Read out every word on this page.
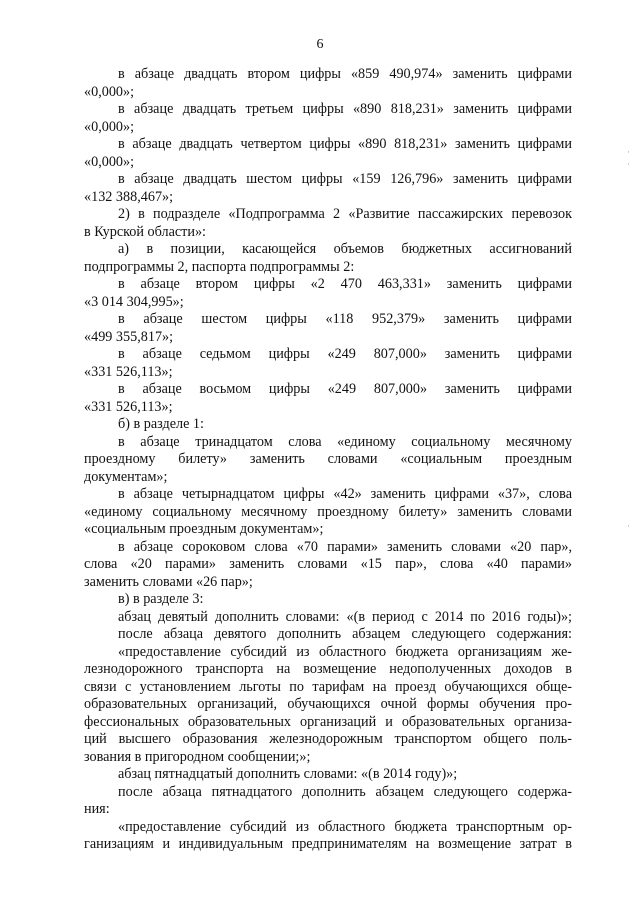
6
в абзаце двадцать втором цифры «859 490,974» заменить цифрами
«0,000»;
в абзаце двадцать третьем цифры «890 818,231» заменить цифрами
«0,000»;
в абзаце двадцать четвертом цифры «890 818,231» заменить цифрами
«0,000»;
в абзаце двадцать шестом цифры «159 126,796» заменить цифрами
«132 388,467»;
2) в подразделе «Подпрограмма 2 «Развитие пассажирских перевозок
в Курской области»:
а) в позиции, касающейся объемов бюджетных ассигнований
подпрограммы 2, паспорта подпрограммы 2:
в абзаце втором цифры «2 470 463,331» заменить цифрами
«3 014 304,995»;
в абзаце шестом цифры «118 952,379» заменить цифрами
«499 355,817»;
в абзаце седьмом цифры «249 807,000» заменить цифрами
«331 526,113»;
в абзаце восьмом цифры «249 807,000» заменить цифрами
«331 526,113»;
б) в разделе 1:
в абзаце тринадцатом слова «единому социальному месячному
проездному билету» заменить словами «социальным проездным
документам»;
в абзаце четырнадцатом цифры «42» заменить цифрами «37», слова
«единому социальному месячному проездному билету» заменить словами
«социальным проездным документам»;
в абзаце сороковом слова «70 парами» заменить словами «20 пар»,
слова «20 парами» заменить словами «15 пар», слова «40 парами»
заменить словами «26 пар»;
в) в разделе 3:
абзац девятый дополнить словами: «(в период с 2014 по 2016 годы)»;
после абзаца девятого дополнить абзацем следующего содержания:
«предоставление субсидий из областного бюджета организациям же-
лезнодорожного транспорта на возмещение недополученных доходов в
связи с установлением льготы по тарифам на проезд обучающихся обще-
образовательных организаций, обучающихся очной формы обучения про-
фессиональных образовательных организаций и образовательных организа-
ций высшего образования железнодорожным транспортом общего поль-
зования в пригородном сообщении;»;
абзац пятнадцатый дополнить словами: «(в 2014 году)»;
после абзаца пятнадцатого дополнить абзацем следующего содержа-
ния:
«предоставление субсидий из областного бюджета транспортным ор-
ганизациям и индивидуальным предпринимателям на возмещение затрат в
·
·
·
